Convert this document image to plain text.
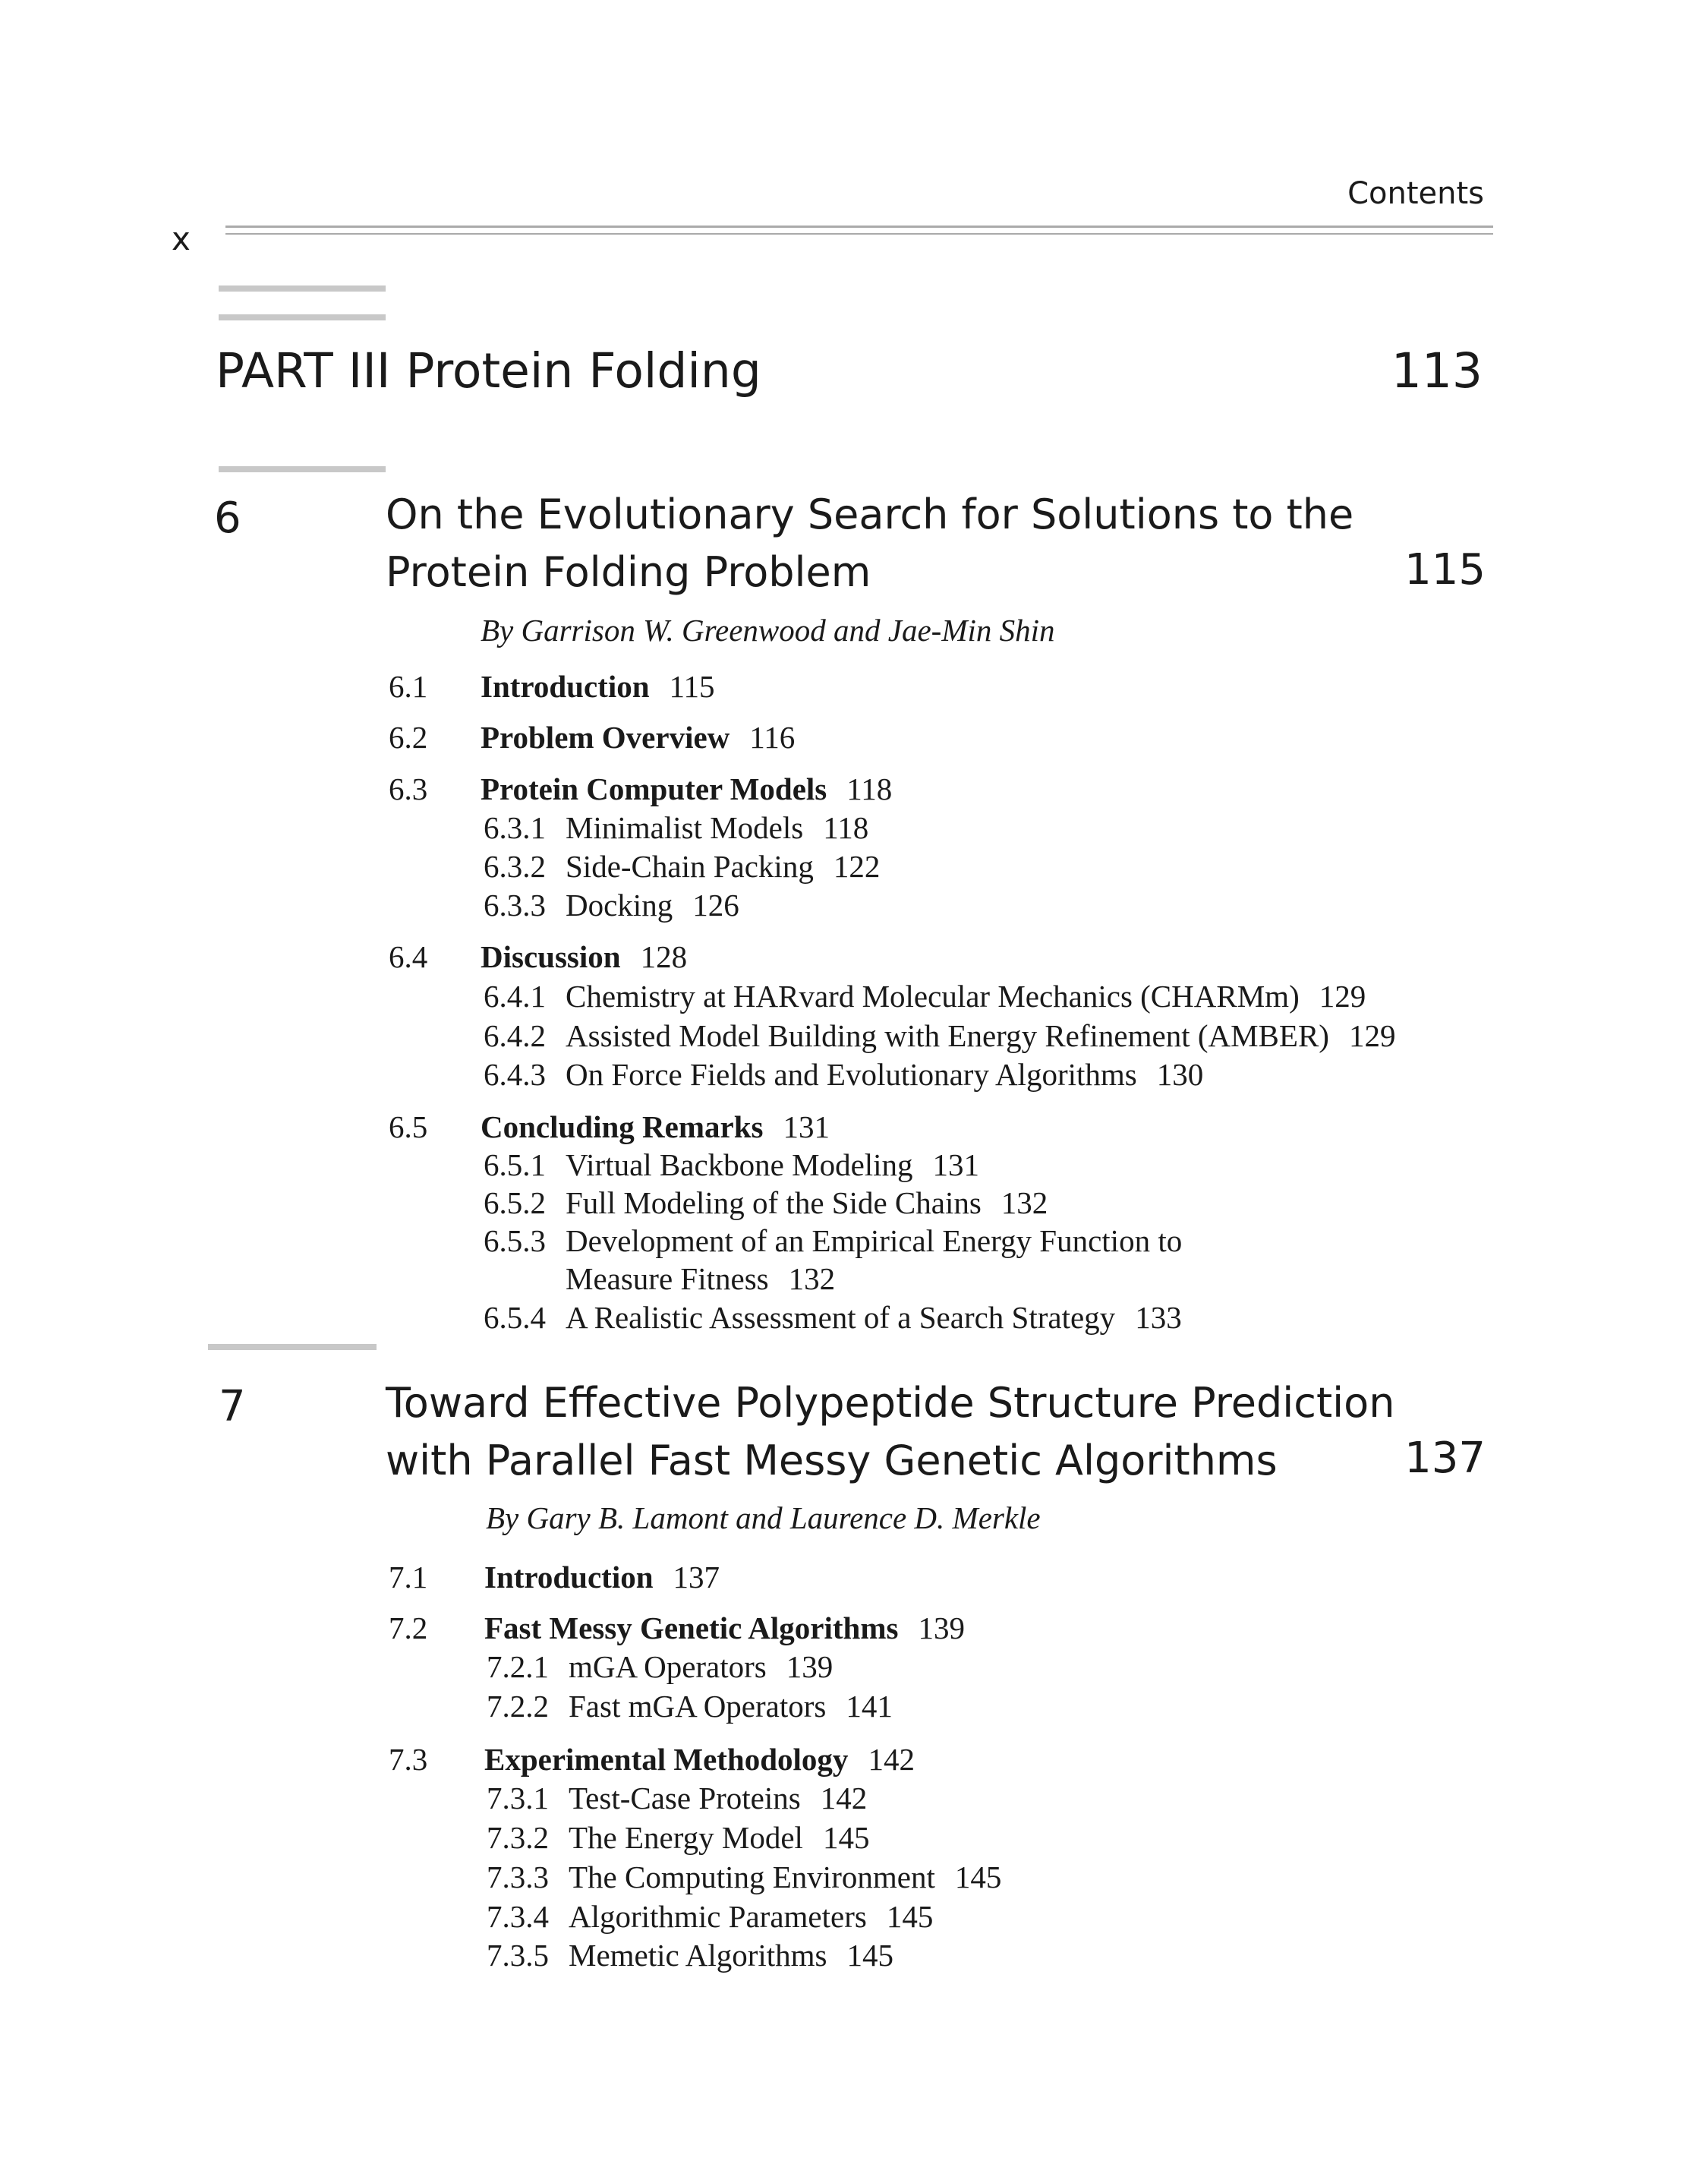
Contents
x
PART III Protein Folding	113
6	On the Evolutionary Search for Solutions to the
Protein Folding Problem	115
By Garrison W. Greenwood and Jae-Min Shin
6.1 Introduction 115
6.2 Problem Overview 116
6.3 Protein Computer Models 118
6.3.1 Minimalist Models 118
6.3.2 Side-Chain Packing 122
6.3.3 Docking 126
6.4 Discussion 128
6.4.1 Chemistry at HARvard Molecular Mechanics (CHARMm) 129
6.4.2 Assisted Model Building with Energy Refinement (AMBER) 129
6.4.3 On Force Fields and Evolutionary Algorithms 130
6.5 Concluding Remarks 131
6.5.1 Virtual Backbone Modeling 131
6.5.2 Full Modeling of the Side Chains 132
6.5.3 Development of an Empirical Energy Function to
Measure Fitness 132
6.5.4 A Realistic Assessment of a Search Strategy 133
7	Toward Effective Polypeptide Structure Prediction
with Parallel Fast Messy Genetic Algorithms	137
By Gary B. Lamont and Laurence D. Merkle
7.1 Introduction 137
7.2 Fast Messy Genetic Algorithms 139
7.2.1 mGA Operators 139
7.2.2 Fast mGA Operators 141
7.3 Experimental Methodology 142
7.3.1 Test-Case Proteins 142
7.3.2 The Energy Model 145
7.3.3 The Computing Environment 145
7.3.4 Algorithmic Parameters 145
7.3.5 Memetic Algorithms 145
